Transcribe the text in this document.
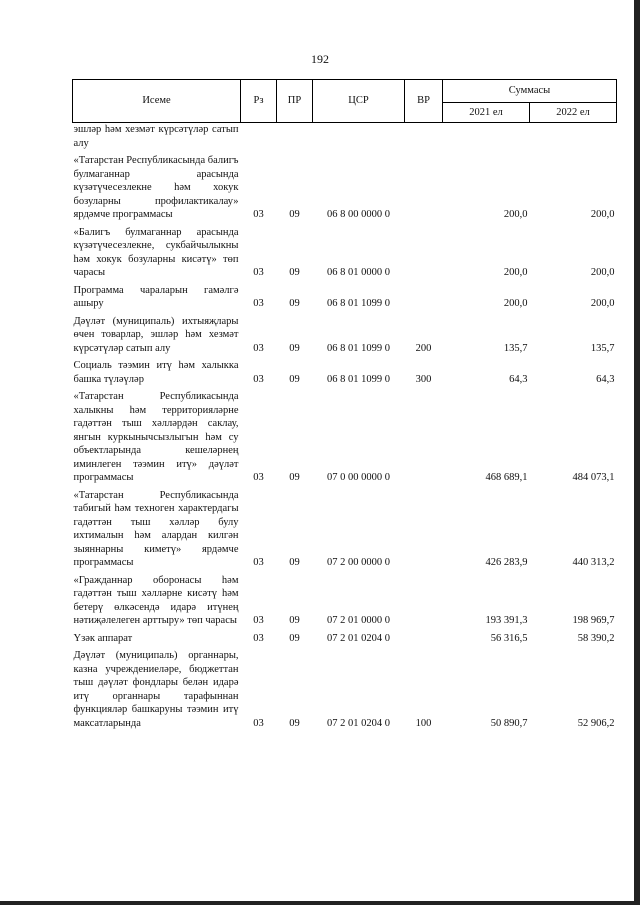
192
Исеме	Рз	ПР	ЦСР	ВР	Суммасы	
					2021 ел	2022 ел
эшләр һәм хезмәт күрсәтүләр сатып алу						
«Татарстан Республикасында балигъ булмаганнар арасында күзәтүчесезлекне һәм хокук бозуларны профилактикалау» ярдәмче программасы	03	09	06 8 00 0000 0		200,0	200,0
«Балигъ булмаганнар арасында күзәтүчесезлекне, сукбайчылыкны һәм хокук бозуларны кисәтү» төп чарасы	03	09	06 8 01 0000 0		200,0	200,0
Программа чараларын гамәлгә ашыру	03	09	06 8 01 1099 0		200,0	200,0
Дәүләт (муниципаль) ихтыяҗлары өчен товарлар, эшләр һәм хезмәт күрсәтүләр сатып алу	03	09	06 8 01 1099 0	200	135,7	135,7
Социаль тәэмин итү һәм халыкка башка түләүләр	03	09	06 8 01 1099 0	300	64,3	64,3
«Татарстан Республикасында халыкны һәм территорияләрне гадәттән тыш хәлләрдән саклау, янгын куркынычсызлыгын һәм су объектларында кешеләрнең иминлеген тәэмин итү» дәүләт программасы	03	09	07 0 00 0000 0		468 689,1	484 073,1
«Татарстан Республикасында табигый һәм техноген характердагы гадәттән тыш хәлләр булу ихтималын һәм алардан килгән зыяннарны киметү» ярдәмче программасы	03	09	07 2 00 0000 0		426 283,9	440 313,2
«Гражданнар оборонасы һәм гадәттән тыш хәлләрне кисәтү һәм бетерү өлкәсендә идарә итүнең нәтиҗәлелеген арттыру» төп чарасы	03	09	07 2 01 0000 0		193 391,3	198 969,7
Үзәк аппарат	03	09	07 2 01 0204 0		56 316,5	58 390,2
Дәүләт (муниципаль) органнары, казна учреждениеләре, бюджеттан тыш дәүләт фондлары белән идарә итү органнары тарафыннан функцияләр башкаруны тәэмин итү максатларында	03	09	07 2 01 0204 0	100	50 890,7	52 906,2
